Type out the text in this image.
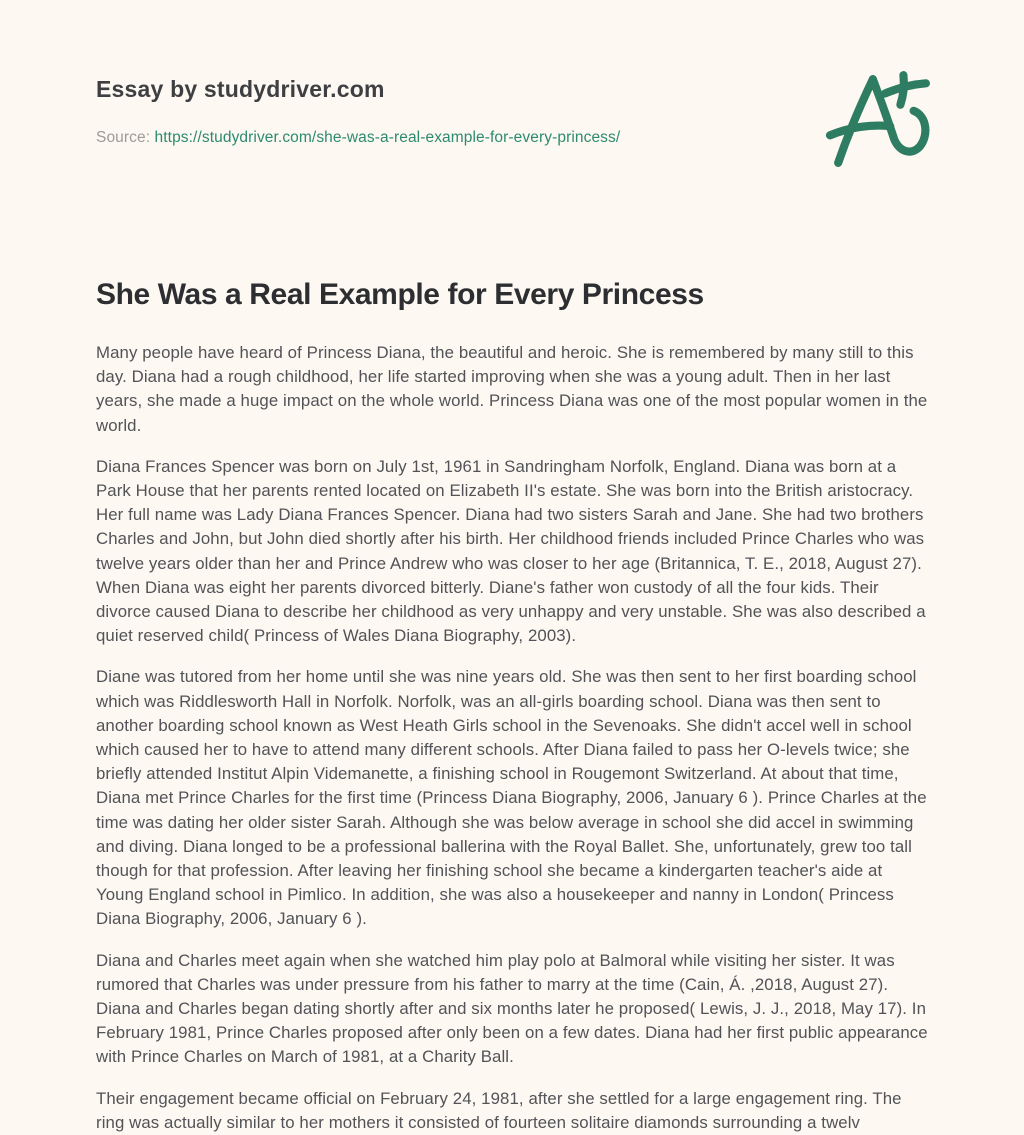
Essay by studydriver.com
Source: https://studydriver.com/she-was-a-real-example-for-every-princess/
She Was a Real Example for Every Princess

Many people have heard of Princess Diana, the beautiful and heroic. She is remembered by many still to this day. Diana had a rough childhood, her life started improving when she was a young adult. Then in her last years, she made a huge impact on the whole world. Princess Diana was one of the most popular women in the world.

Diana Frances Spencer was born on July 1st, 1961 in Sandringham Norfolk, England. Diana was born at a Park House that her parents rented located on Elizabeth II's estate. She was born into the British aristocracy. Her full name was Lady Diana Frances Spencer. Diana had two sisters Sarah and Jane. She had two brothers Charles and John, but John died shortly after his birth. Her childhood friends included Prince Charles who was twelve years older than her and Prince Andrew who was closer to her age (Britannica, T. E., 2018, August 27). When Diana was eight her parents divorced bitterly. Diane's father won custody of all the four kids. Their divorce caused Diana to describe her childhood as very unhappy and very unstable. She was also described a quiet reserved child( Princess of Wales Diana Biography, 2003).

Diane was tutored from her home until she was nine years old. She was then sent to her first boarding school which was Riddlesworth Hall in Norfolk. Norfolk, was an all-girls boarding school. Diana was then sent to another boarding school known as West Heath Girls school in the Sevenoaks. She didn't accel well in school which caused her to have to attend many different schools. After Diana failed to pass her O-levels twice; she briefly attended Institut Alpin Videmanette, a finishing school in Rougemont Switzerland. At about that time, Diana met Prince Charles for the first time (Princess Diana Biography, 2006, January 6 ). Prince Charles at the time was dating her older sister Sarah. Although she was below average in school she did accel in swimming and diving. Diana longed to be a professional ballerina with the Royal Ballet. She, unfortunately, grew too tall though for that profession. After leaving her finishing school she became a kindergarten teacher's aide at Young England school in Pimlico. In addition, she was also a housekeeper and nanny in London( Princess Diana Biography, 2006, January 6 ).

Diana and Charles meet again when she watched him play polo at Balmoral while visiting her sister. It was rumored that Charles was under pressure from his father to marry at the time (Cain, Á. ,2018, August 27). Diana and Charles began dating shortly after and six months later he proposed( Lewis, J. J., 2018, May 17). In February 1981, Prince Charles proposed after only been on a few dates. Diana had her first public appearance with Prince Charles on March of 1981, at a Charity Ball.

Their engagement became official on February 24, 1981, after she settled for a large engagement ring. The ring was actually similar to her mothers it consisted of fourteen solitaire diamonds surrounding a twelv
